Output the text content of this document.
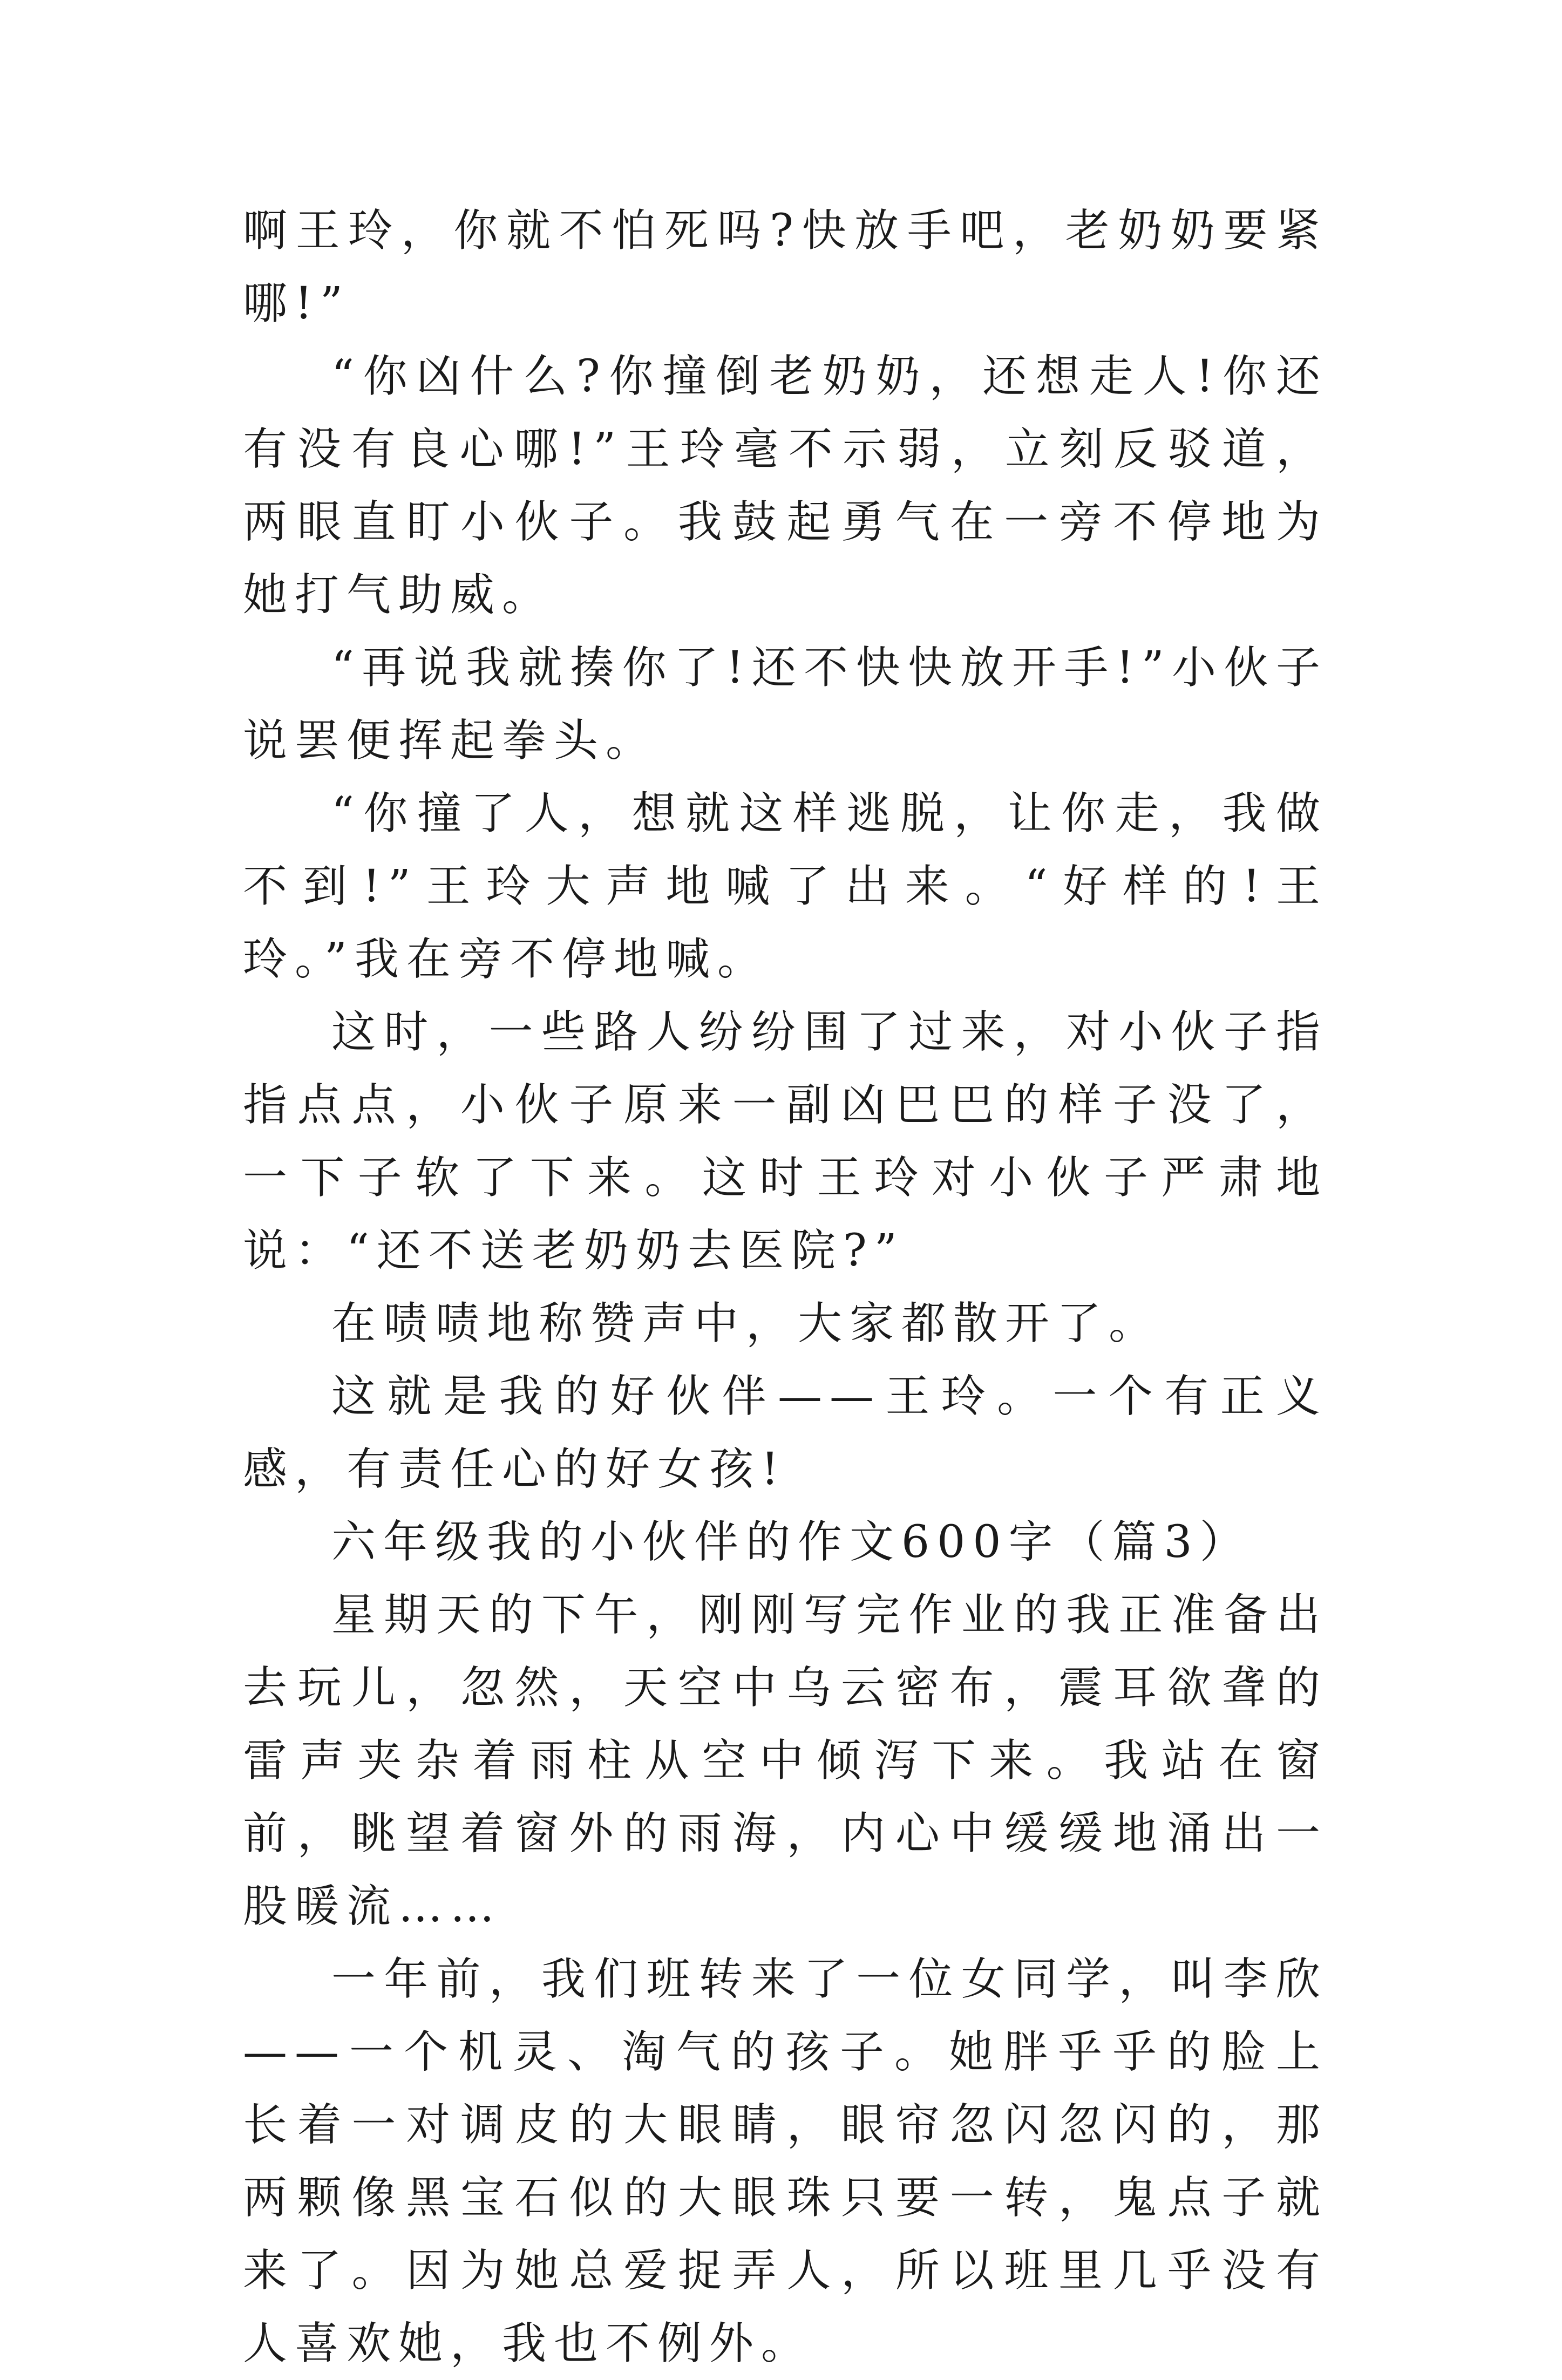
啊王玲，你就不怕死吗?快放手吧，老奶奶要紧哪!”

“你凶什么?你撞倒老奶奶，还想走人!你还有没有良心哪!”王玲毫不示弱，立刻反驳道，两眼直盯小伙子。我鼓起勇气在一旁不停地为她打气助威。

“再说我就揍你了!还不快快放开手!”小伙子说罢便挥起拳头。

“你撞了人，想就这样逃脱，让你走，我做不到!”王玲大声地喊了出来。“好样的!王玲。”我在旁不停地喊。

这时，一些路人纷纷围了过来，对小伙子指指点点，小伙子原来一副凶巴巴的样子没了，一下子软了下来。这时王玲对小伙子严肃地说：“还不送老奶奶去医院?”

在啧啧地称赞声中，大家都散开了。

这就是我的好伙伴——王玲。一个有正义感，有责任心的好女孩!

六年级我的小伙伴的作文600字（篇3）

星期天的下午，刚刚写完作业的我正准备出去玩儿，忽然，天空中乌云密布，震耳欲聋的雷声夹杂着雨柱从空中倾泻下来。我站在窗前，眺望着窗外的雨海，内心中缓缓地涌出一股暖流……

一年前，我们班转来了一位女同学，叫李欣——一个机灵、淘气的孩子。她胖乎乎的脸上长着一对调皮的大眼睛，眼帘忽闪忽闪的，那两颗像黑宝石似的大眼珠只要一转，鬼点子就来了。因为她总爱捉弄人，所以班里几乎没有人喜欢她，我也不例外。
